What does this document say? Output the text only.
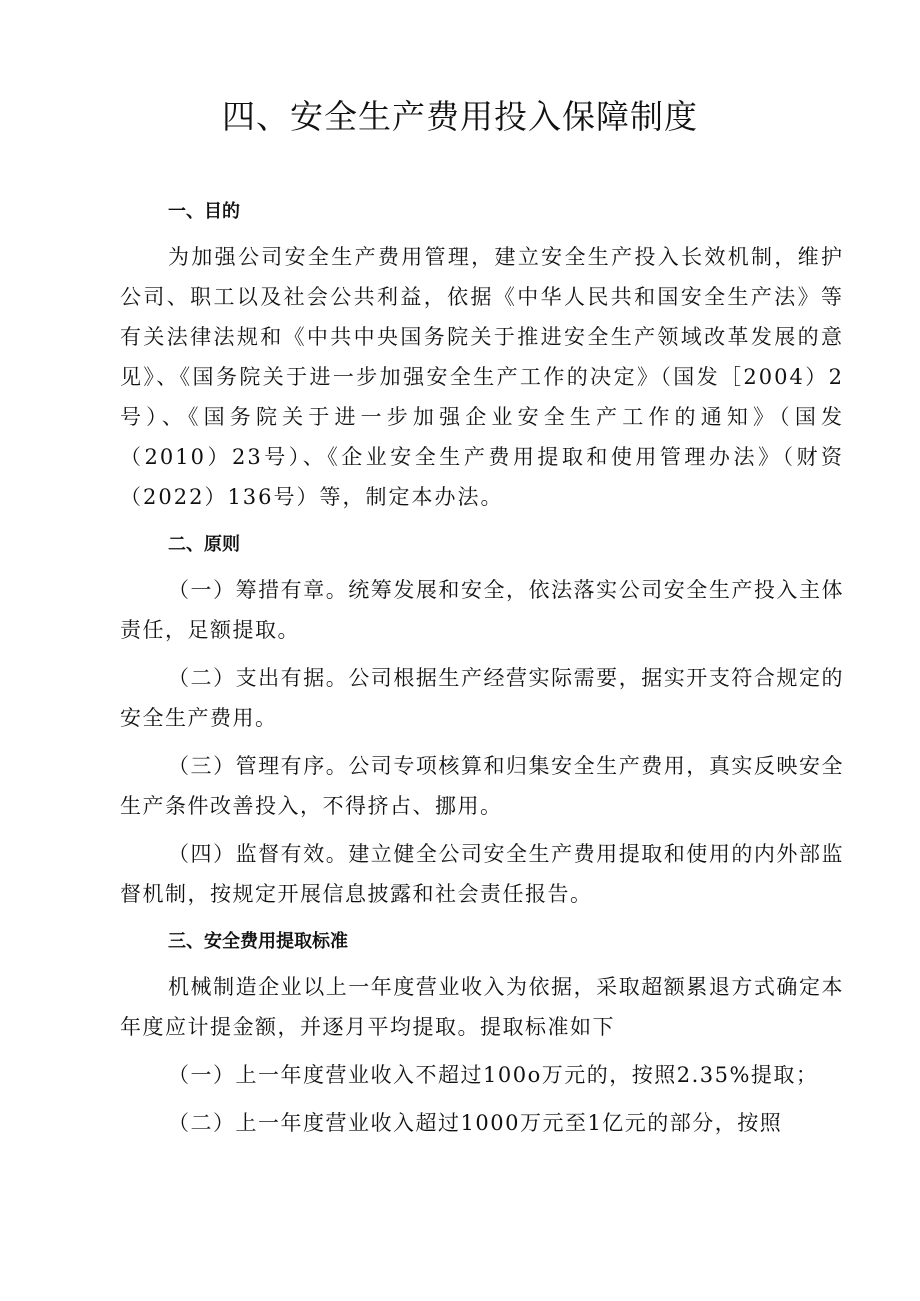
四、安全生产费用投入保障制度
一、目的

为加强公司安全生产费用管理，建立安全生产投入长效机制，维护公司、职工以及社会公共利益，依据《中华人民共和国安全生产法》等有关法律法规和《中共中央国务院关于推进安全生产领域改革发展的意见》、《国务院关于进一步加强安全生产工作的决定》（国发［2004）2号）、《国务院关于进一步加强企业安全生产工作的通知》（国发（2010）23号）、《企业安全生产费用提取和使用管理办法》（财资（2022）136号）等，制定本办法。

二、原则

（一）筹措有章。统筹发展和安全，依法落实公司安全生产投入主体责任，足额提取。

（二）支出有据。公司根据生产经营实际需要，据实开支符合规定的安全生产费用。

（三）管理有序。公司专项核算和归集安全生产费用，真实反映安全生产条件改善投入，不得挤占、挪用。

（四）监督有效。建立健全公司安全生产费用提取和使用的内外部监督机制，按规定开展信息披露和社会责任报告。

三、安全费用提取标准

机械制造企业以上一年度营业收入为依据，采取超额累退方式确定本年度应计提金额，并逐月平均提取。提取标准如下

（一）上一年度营业收入不超过100o万元的，按照2.35%提取；

（二）上一年度营业收入超过1000万元至1亿元的部分，按照
